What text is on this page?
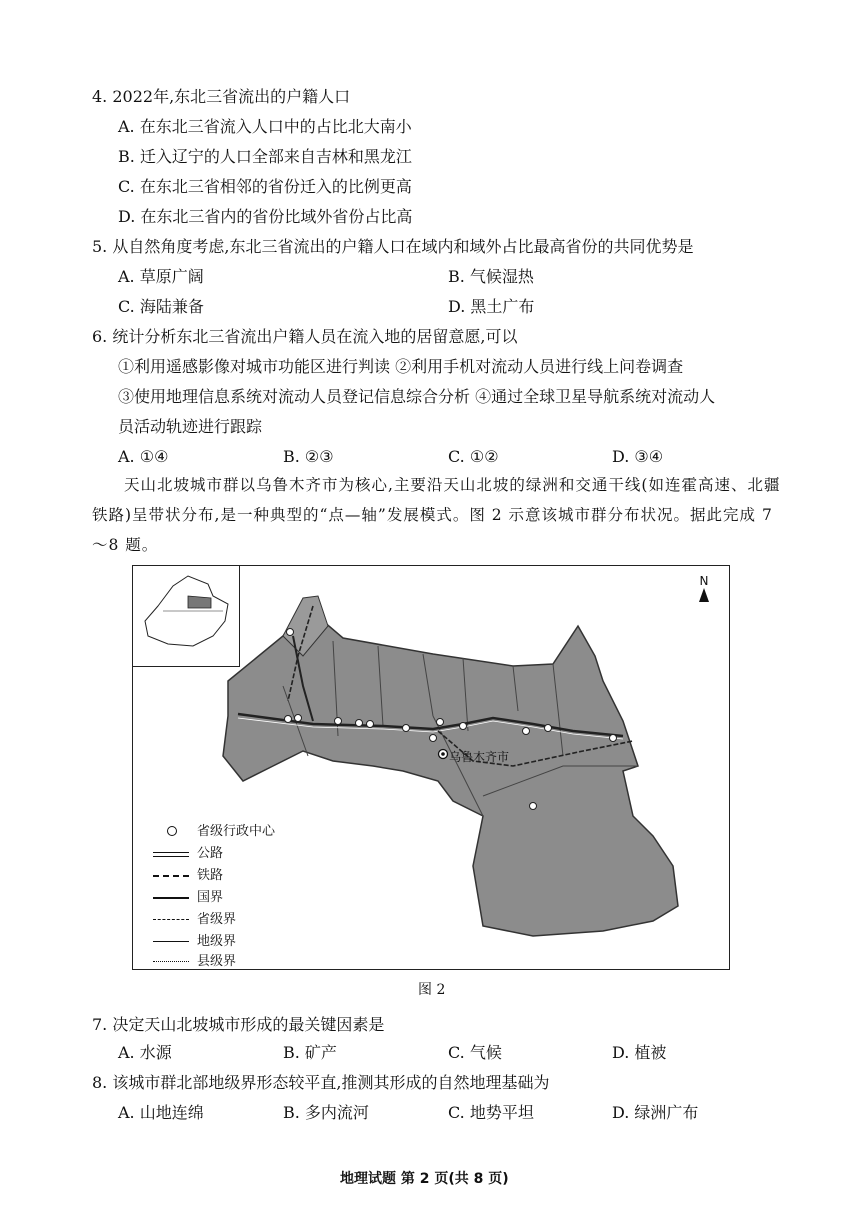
4. 2022年,东北三省流出的户籍人口
A. 在东北三省流入人口中的占比北大南小
B. 迁入辽宁的人口全部来自吉林和黑龙江
C. 在东北三省相邻的省份迁入的比例更高
D. 在东北三省内的省份比域外省份占比高
5. 从自然角度考虑,东北三省流出的户籍人口在域内和域外占比最高省份的共同优势是
A. 草原广阔	B. 气候湿热
C. 海陆兼备	D. 黑土广布
6. 统计分析东北三省流出户籍人员在流入地的居留意愿,可以
①利用遥感影像对城市功能区进行判读 ②利用手机对流动人员进行线上问卷调查
③使用地理信息系统对流动人员登记信息综合分析 ④通过全球卫星导航系统对流动人
员活动轨迹进行跟踪
A. ①④	B. ②③	C. ①②	D. ③④
天山北坡城市群以乌鲁木齐市为核心,主要沿天山北坡的绿洲和交通干线(如连霍高速、北疆铁路)呈带状分布,是一种典型的“点—轴”发展模式。图 2 示意该城市群分布状况。据此完成 7～8 题。
N
乌鲁木齐市
省级行政中心
公路
铁路
国界
省级界
地级界
县级界
图 2
7. 决定天山北坡城市形成的最关键因素是
A. 水源	B. 矿产	C. 气候	D. 植被
8. 该城市群北部地级界形态较平直,推测其形成的自然地理基础为
A. 山地连绵	B. 多内流河	C. 地势平坦	D. 绿洲广布
地理试题 第 2 页(共 8 页)
